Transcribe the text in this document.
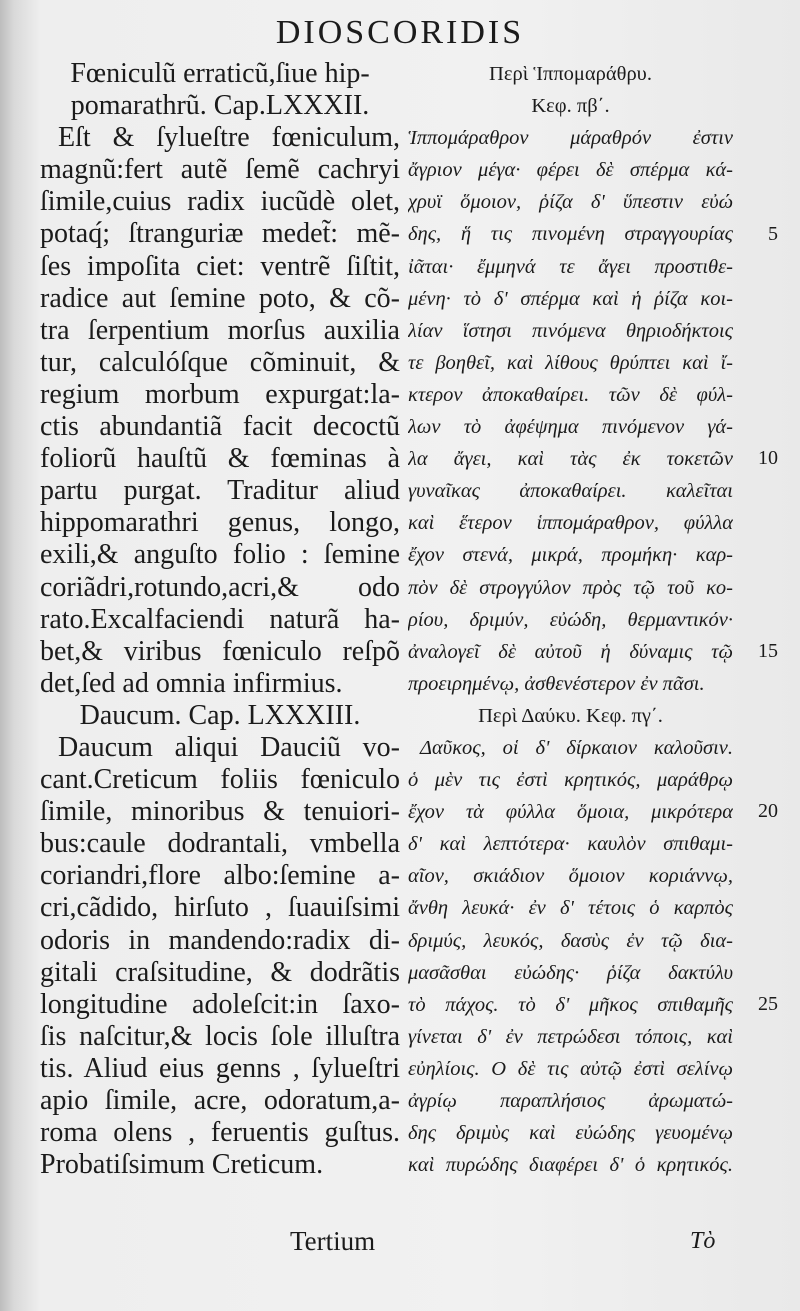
DIOSCORIDIS
Fœniculũ erraticũ,ſiue hip-
pomarathrũ. Cap.LXXXII.
Eſt & ſylueſtre fœniculum,
magnũ:fert autẽ ſemẽ cachryi
ſimile,cuius radix iucũdè olet,
potaq́; ſtranguriæ medet̃: mẽ-
ſes impoſita ciet: ventrẽ ſiſtit,
radice aut ſemine poto, & cõ-
tra ſerpentium morſus auxilia
tur, calculóſque cõminuit, &
regium morbum expurgat:la-
ctis abundantiã facit decoctũ
foliorũ hauſtũ & fœminas à
partu purgat. Traditur aliud
hippomarathri genus, longo,
exili,& anguſto folio : ſemine
coriãdri,rotundo,acri,& odo
rato.Excalfaciendi naturã ha-
bet,& viribus fœniculo reſpõ
det,ſed ad omnia infirmius.
Daucum. Cap. LXXXIII.
Daucum aliqui Dauciũ vo-
cant.Creticum foliis fœniculo
ſimile, minoribus & tenuiori-
bus:caule dodrantali, vmbella
coriandri,flore albo:ſemine a-
cri,cãdido, hirſuto , ſuauiſsimi
odoris in mandendo:radix di-
gitali craſsitudine, & dodrãtis
longitudine adoleſcit:in ſaxo-
ſis naſcitur,& locis ſole illuſtra
tis. Aliud eius genns , ſylueſtri
apio ſimile, acre, odoratum,a-
roma olens , feruentis guſtus.
Probatiſsimum Creticum.
Περὶ Ἱππομαράθρυ.
Κεφ. πβ΄.
Ἱππομάραθρον μάραθρόν ἐστιν
ἄγριον μέγα· φέρει δὲ σπέρμα κά-
χρυϊ ὅμοιον, ῥίζα δ' ὕπεστιν εὐώ
δης, ἥ τις πινομένη στραγγουρίας
ἰᾶται· ἔμμηνά τε ἄγει προστιθε-
μένη· τὸ δ' σπέρμα καὶ ἡ ῥίζα κοι-
λίαν ἵστησι πινόμενα θηριοδήκτοις
τε βοηθεῖ, καὶ λίθους θρύπτει καὶ ἴ-
κτερον ἀποκαθαίρει. τῶν δὲ φύλ-
λων τὸ ἀφέψημα πινόμενον γά-
λα ἄγει, καὶ τὰς ἐκ τοκετῶν
γυναῖκας ἀποκαθαίρει. καλεῖται
καὶ ἕτερον ἱππομάραθρον, φύλλα
ἔχον στενά, μικρά, προμήκη· καρ-
πὸν δὲ στρογγύλον πρὸς τῷ τοῦ κο-
ρίου, δριμύν, εὐώδη, θερμαντικόν·
ἀναλογεῖ δὲ αὐτοῦ ἡ δύναμις τῷ
προειρημένῳ, ἀσθενέστερον ἐν πᾶσι.
Περὶ Δαύκυ. Κεφ. πγ΄.
Δαῦκος, οἱ δ' δίρκαιον καλοῦσιν.
ὁ μὲν τις ἐστὶ κρητικός, μαράθρῳ
ἔχον τὰ φύλλα ὅμοια, μικρότερα
δ' καὶ λεπτότερα· καυλὸν σπιθαμι-
αῖον, σκιάδιον ὅμοιον κοριάννῳ,
ἄνθη λευκά· ἐν δ' τέτοις ὁ καρπὸς
δριμύς, λευκός, δασὺς ἐν τῷ δια-
μασᾶσθαι εὐώδης· ῥίζα δακτύλυ
τὸ πάχος. τὸ δ' μῆκος σπιθαμῆς
γίνεται δ' ἐν πετρώδεσι τόποις, καὶ
εὐηλίοις. Ο δὲ τις αὐτῷ ἐστὶ σελίνῳ
ἀγρίῳ παραπλήσιος ἀρωματώ-
δης δριμὺς καὶ εὐώδης γευομένῳ
καὶ πυρώδης διαφέρει δ' ὁ κρητικός.
5
10
15
20
25
Tertium	Τὸ
